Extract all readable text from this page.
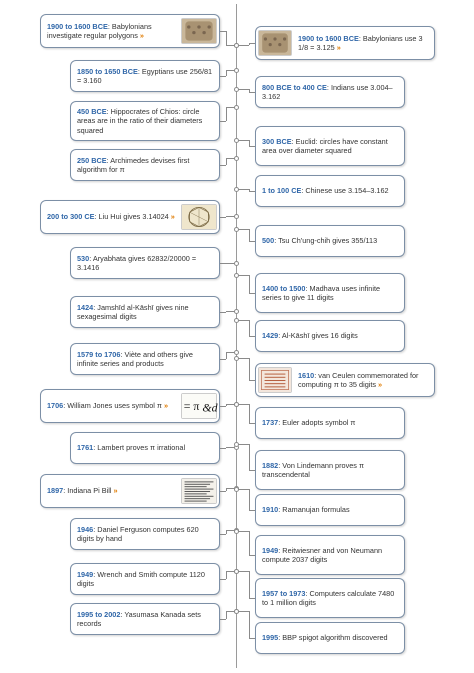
1900 to 1600 BCE: Babylonians investigate regular polygons »
1850 to 1650 BCE: Egyptians use 256/81 = 3.160
450 BCE: Hippocrates of Chios: circle areas are in the ratio of their diameters squared
250 BCE: Archimedes devises first algorithm for π
200 to 300 CE: Liu Hui gives 3.14024 »
530: Aryabhata gives 62832/20000 = 3.1416
1424: Jamshīd al-Kāshī gives nine sexagesimal digits
1579 to 1706: Viète and others give infinite series and products
1706: William Jones uses symbol π »	= π &d
1761: Lambert proves π irrational
1897: Indiana Pi Bill »
1946: Daniel Ferguson computes 620 digits by hand
1949: Wrench and Smith compute 1120 digits
1995 to 2002: Yasumasa Kanada sets records
1900 to 1600 BCE: Babylonians use 3 1/8 = 3.125 »
800 BCE to 400 CE: Indians use 3.004–3.162
300 BCE: Euclid: circles have constant area over diameter squared
1 to 100 CE: Chinese use 3.154–3.162
500: Tsu Ch'ung-chih gives 355/113
1400 to 1500: Madhava uses infinite series to give 11 digits
1429: Al-Kāshī gives 16 digits
1610: van Ceulen commemorated for computing π to 35 digits »
1737: Euler adopts symbol π
1882: Von Lindemann proves π transcendental
1910: Ramanujan formulas
1949: Reitwiesner and von Neumann compute 2037 digits
1957 to 1973: Computers calculate 7480 to 1 million digits
1995: BBP spigot algorithm discovered
